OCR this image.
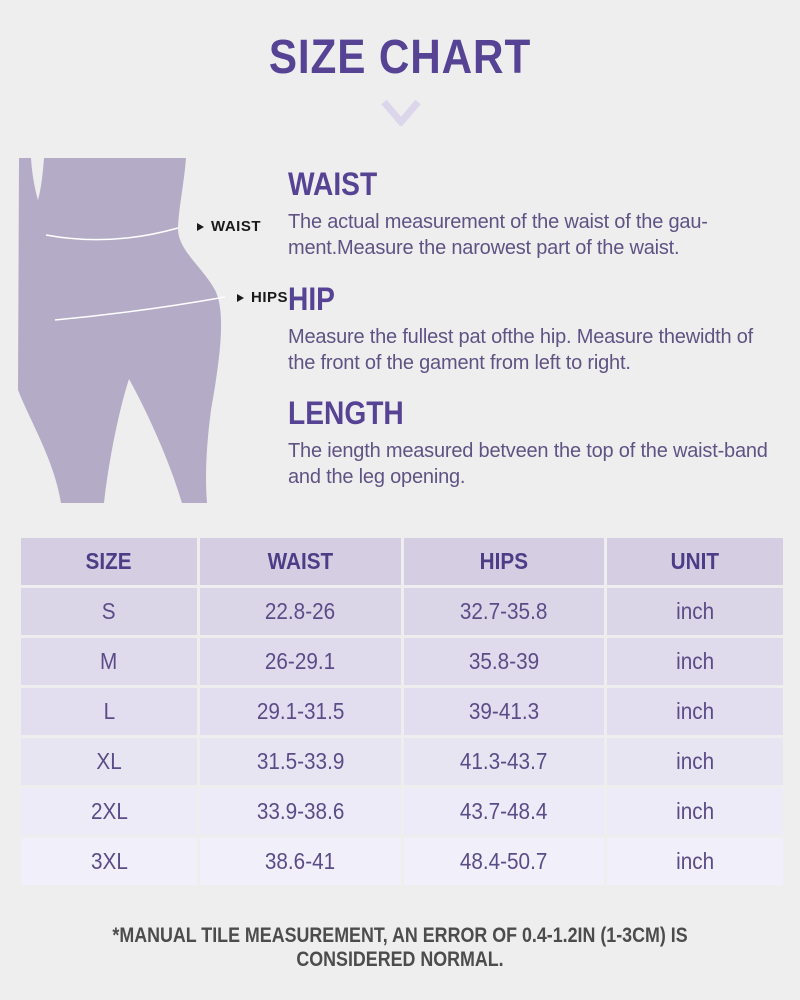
SIZE CHART
WAIST
HIPS
WAIST
The actual measurement of the waist of the gau-
ment.Measure the narowest part of the waist.
HIP
Measure the fullest pat ofthe hip. Measure thewidth of
the front of the gament from left to right.
LENGTH
The iength measured betveen the top of the waist-band
and the leg opening.
SIZE	WAIST	HIPS	UNIT
S	22.8-26	32.7-35.8	inch
M	26-29.1	35.8-39	inch
L	29.1-31.5	39-41.3	inch
XL	31.5-33.9	41.3-43.7	inch
2XL	33.9-38.6	43.7-48.4	inch
3XL	38.6-41	48.4-50.7	inch
*MANUAL TILE MEASUREMENT, AN ERROR OF 0.4-1.2IN (1-3CM) IS CONSIDERED NORMAL.
